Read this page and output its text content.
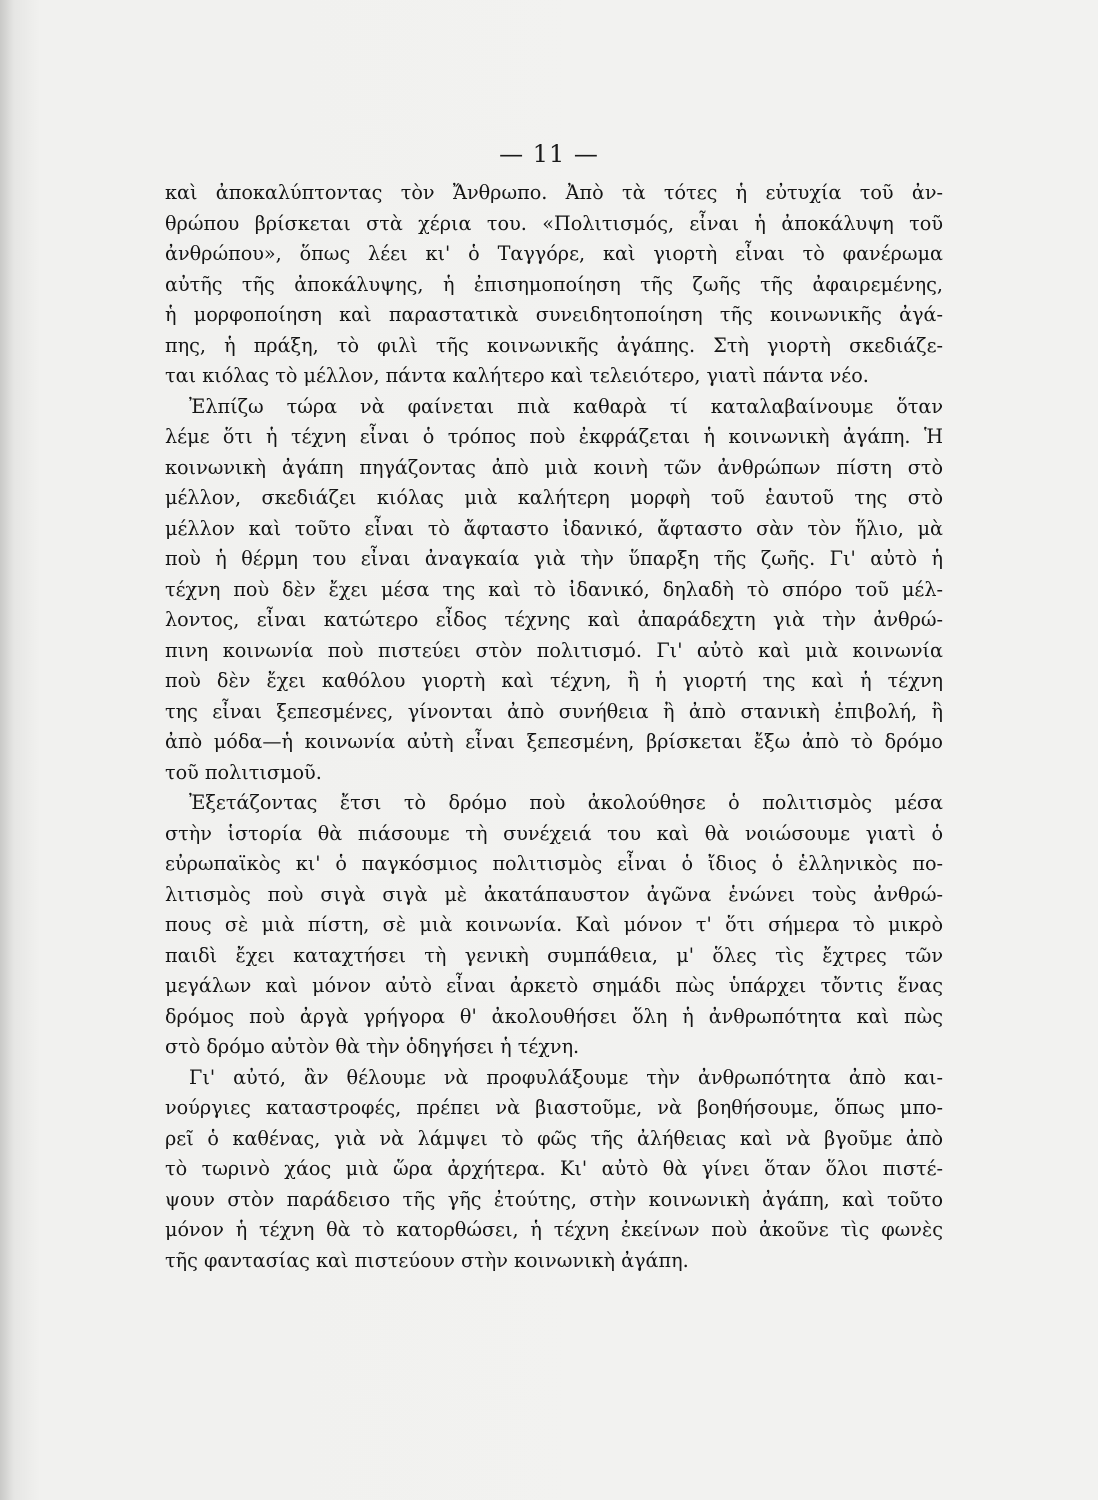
— 11 —
καὶ ἀποκαλύπτοντας τὸν Ἄνθρωπο. Ἀπὸ τὰ τότες ἡ εὐτυχία τοῦ ἀν-
θρώπου βρίσκεται στὰ χέρια του. «Πολιτισμός, εἶναι ἡ ἀποκάλυψη τοῦ
ἀνθρώπου», ὅπως λέει κι' ὁ Ταγγόρε, καὶ γιορτὴ εἶναι τὸ φανέρωμα
αὐτῆς τῆς ἀποκάλυψης, ἡ ἐπισημοποίηση τῆς ζωῆς τῆς ἀφαιρεμένης,
ἡ μορφοποίηση καὶ παραστατικὰ συνειδητοποίηση τῆς κοινωνικῆς ἀγά-
πης, ἡ πράξη, τὸ φιλὶ τῆς κοινωνικῆς ἀγάπης. Στὴ γιορτὴ σκεδιάζε-
ται κιόλας τὸ μέλλον, πάντα καλήτερο καὶ τελειότερο, γιατὶ πάντα νέο.
Ἐλπίζω τώρα νὰ φαίνεται πιὰ καθαρὰ τί καταλαβαίνουμε ὅταν
λέμε ὅτι ἡ τέχνη εἶναι ὁ τρόπος ποὺ ἐκφράζεται ἡ κοινωνικὴ ἀγάπη. Ἡ
κοινωνικὴ ἀγάπη πηγάζοντας ἀπὸ μιὰ κοινὴ τῶν ἀνθρώπων πίστη στὸ
μέλλον, σκεδιάζει κιόλας μιὰ καλήτερη μορφὴ τοῦ ἑαυτοῦ της στὸ
μέλλον καὶ τοῦτο εἶναι τὸ ἄφταστο ἰδανικό, ἄφταστο σὰν τὸν ἥλιο, μὰ
ποὺ ἡ θέρμη του εἶναι ἀναγκαία γιὰ τὴν ὕπαρξη τῆς ζωῆς. Γι' αὐτὸ ἡ
τέχνη ποὺ δὲν ἔχει μέσα της καὶ τὸ ἰδανικό, δηλαδὴ τὸ σπόρο τοῦ μέλ-
λοντος, εἶναι κατώτερο εἶδος τέχνης καὶ ἀπαράδεχτη γιὰ τὴν ἀνθρώ-
πινη κοινωνία ποὺ πιστεύει στὸν πολιτισμό. Γι' αὐτὸ καὶ μιὰ κοινωνία
ποὺ δὲν ἔχει καθόλου γιορτὴ καὶ τέχνη, ἢ ἡ γιορτή της καὶ ἡ τέχνη
της εἶναι ξεπεσμένες, γίνονται ἀπὸ συνήθεια ἢ ἀπὸ στανικὴ ἐπιβολή, ἢ
ἀπὸ μόδα—ἡ κοινωνία αὐτὴ εἶναι ξεπεσμένη, βρίσκεται ἔξω ἀπὸ τὸ δρόμο
τοῦ πολιτισμοῦ.
Ἐξετάζοντας ἔτσι τὸ δρόμο ποὺ ἀκολούθησε ὁ πολιτισμὸς μέσα
στὴν ἱστορία θὰ πιάσουμε τὴ συνέχειά του καὶ θὰ νοιώσουμε γιατὶ ὁ
εὐρωπαϊκὸς κι' ὁ παγκόσμιος πολιτισμὸς εἶναι ὁ ἴδιος ὁ ἑλληνικὸς πο-
λιτισμὸς ποὺ σιγὰ σιγὰ μὲ ἀκατάπαυστον ἀγῶνα ἑνώνει τοὺς ἀνθρώ-
πους σὲ μιὰ πίστη, σὲ μιὰ κοινωνία. Καὶ μόνον τ' ὅτι σήμερα τὸ μικρὸ
παιδὶ ἔχει καταχτήσει τὴ γενικὴ συμπάθεια, μ' ὅλες τὶς ἔχτρες τῶν
μεγάλων καὶ μόνον αὐτὸ εἶναι ἀρκετὸ σημάδι πὼς ὑπάρχει τὄντις ἕνας
δρόμος ποὺ ἀργὰ γρήγορα θ' ἀκολουθήσει ὅλη ἡ ἀνθρωπότητα καὶ πὼς
στὸ δρόμο αὐτὸν θὰ τὴν ὁδηγήσει ἡ τέχνη.
Γι' αὐτό, ἂν θέλουμε νὰ προφυλάξουμε τὴν ἀνθρωπότητα ἀπὸ και-
νούργιες καταστροφές, πρέπει νὰ βιαστοῦμε, νὰ βοηθήσουμε, ὅπως μπο-
ρεῖ ὁ καθένας, γιὰ νὰ λάμψει τὸ φῶς τῆς ἀλήθειας καὶ νὰ βγοῦμε ἀπὸ
τὸ τωρινὸ χάος μιὰ ὥρα ἀρχήτερα. Κι' αὐτὸ θὰ γίνει ὅταν ὅλοι πιστέ-
ψουν στὸν παράδεισο τῆς γῆς ἐτούτης, στὴν κοινωνικὴ ἀγάπη, καὶ τοῦτο
μόνον ἡ τέχνη θὰ τὸ κατορθώσει, ἡ τέχνη ἐκείνων ποὺ ἀκοῦνε τὶς φωνὲς
τῆς φαντασίας καὶ πιστεύουν στὴν κοινωνικὴ ἀγάπη.
